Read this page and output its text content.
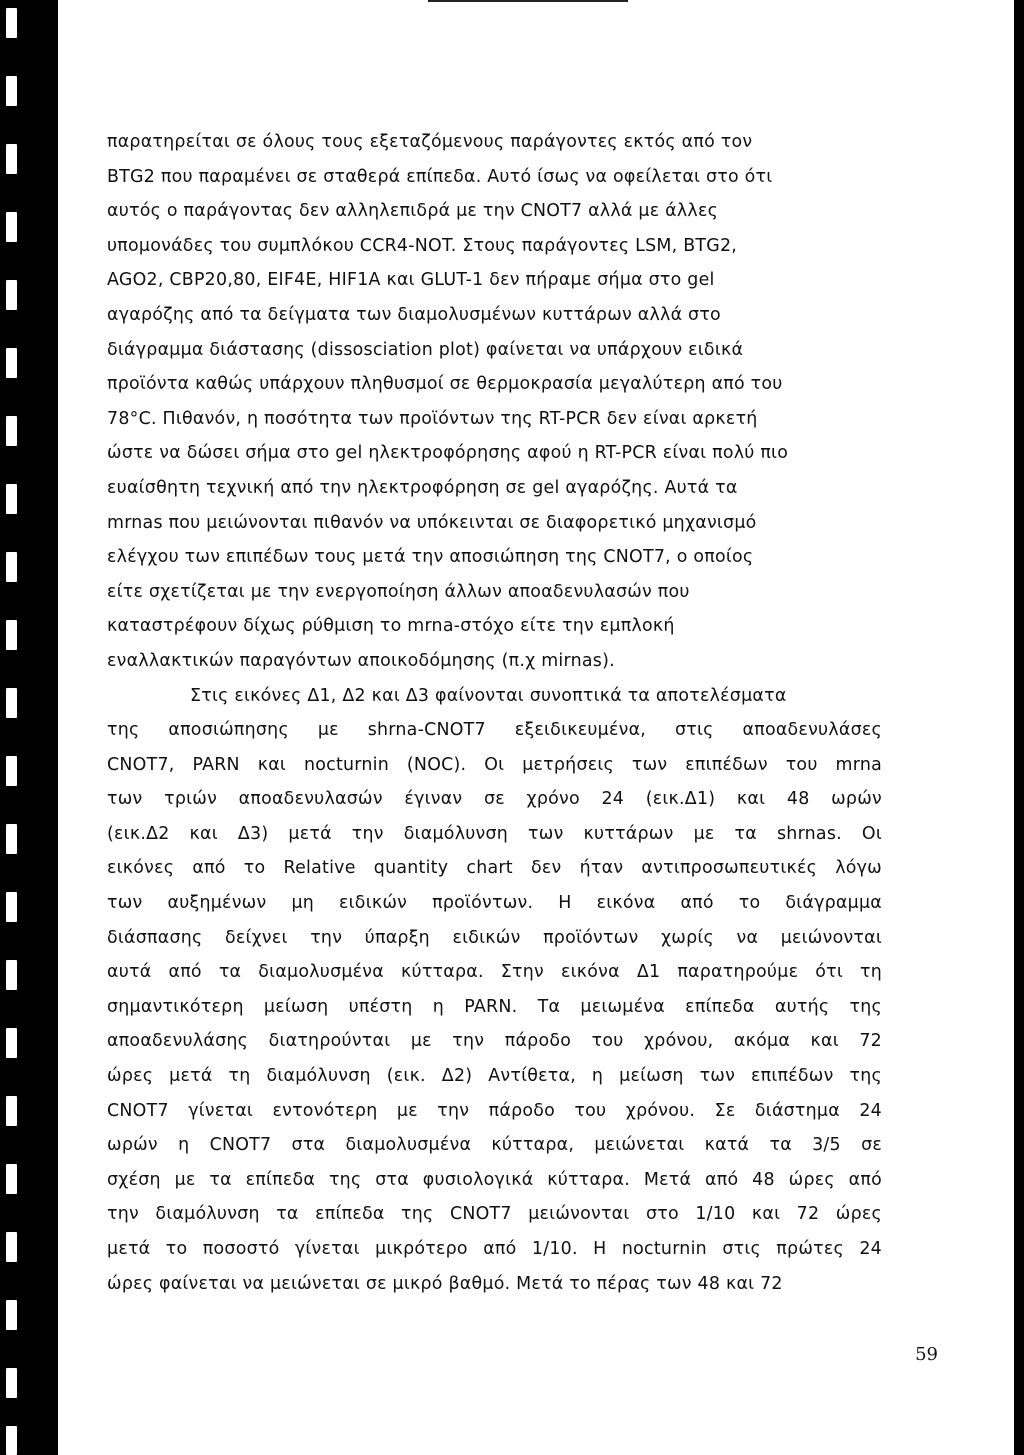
παρατηρείται σε όλους τους εξεταζόμενους παράγοντες εκτός από τον
BTG2 που παραμένει σε σταθερά επίπεδα. Αυτό ίσως να οφείλεται στο ότι
αυτός ο παράγοντας δεν αλληλεπιδρά με την CNOT7 αλλά με άλλες
υπομονάδες του συμπλόκου CCR4-NOT. Στους παράγοντες LSM, BTG2,
AGO2, CBP20,80, EIF4E, HIF1A και GLUT-1 δεν πήραμε σήμα στο gel
αγαρόζης από τα δείγματα των διαμολυσμένων κυττάρων αλλά στο
διάγραμμα διάστασης (dissosciation plot) φαίνεται να υπάρχουν ειδικά
προϊόντα καθώς υπάρχουν πληθυσμοί σε θερμοκρασία μεγαλύτερη από του
78°C. Πιθανόν, η ποσότητα των προϊόντων της RT-PCR δεν είναι αρκετή
ώστε να δώσει σήμα στο gel ηλεκτροφόρησης αφού η RT-PCR είναι πολύ πιο
ευαίσθητη τεχνική από την ηλεκτροφόρηση σε gel αγαρόζης. Αυτά τα
mrnas που μειώνονται πιθανόν να υπόκεινται σε διαφορετικό μηχανισμό
ελέγχου των επιπέδων τους μετά την αποσιώπηση της CNOT7, ο οποίος
είτε σχετίζεται με την ενεργοποίηση άλλων αποαδενυλασών που
καταστρέφουν δίχως ρύθμιση το mrna-στόχο είτε την εμπλοκή
εναλλακτικών παραγόντων αποικοδόμησης (π.χ mirnas).
Στις εικόνες Δ1, Δ2 και Δ3 φαίνονται συνοπτικά τα αποτελέσματα
της αποσιώπησης με shrna-CNOT7 εξειδικευμένα, στις αποαδενυλάσες
CNOT7, PARN και nocturnin (NOC). Οι μετρήσεις των επιπέδων του mrna
των τριών αποαδενυλασών έγιναν σε χρόνο 24 (εικ.Δ1) και 48 ωρών
(εικ.Δ2 και Δ3) μετά την διαμόλυνση των κυττάρων με τα shrnas. Οι
εικόνες από το Relative quantity chart δεν ήταν αντιπροσωπευτικές λόγω
των αυξημένων μη ειδικών προϊόντων. Η εικόνα από το διάγραμμα
διάσπασης δείχνει την ύπαρξη ειδικών προϊόντων χωρίς να μειώνονται
αυτά από τα διαμολυσμένα κύτταρα. Στην εικόνα Δ1 παρατηρούμε ότι τη
σημαντικότερη μείωση υπέστη η PARN. Τα μειωμένα επίπεδα αυτής της
αποαδενυλάσης διατηρούνται με την πάροδο του χρόνου, ακόμα και 72
ώρες μετά τη διαμόλυνση (εικ. Δ2) Αντίθετα, η μείωση των επιπέδων της
CNOT7 γίνεται εντονότερη με την πάροδο του χρόνου. Σε διάστημα 24
ωρών η CNOT7 στα διαμολυσμένα κύτταρα, μειώνεται κατά τα 3/5 σε
σχέση με τα επίπεδα της στα φυσιολογικά κύτταρα. Μετά από 48 ώρες από
την διαμόλυνση τα επίπεδα της CNOT7 μειώνονται στο 1/10 και 72 ώρες
μετά το ποσοστό γίνεται μικρότερο από 1/10. Η nocturnin στις πρώτες 24
ώρες φαίνεται να μειώνεται σε μικρό βαθμό. Μετά το πέρας των 48 και 72
59
